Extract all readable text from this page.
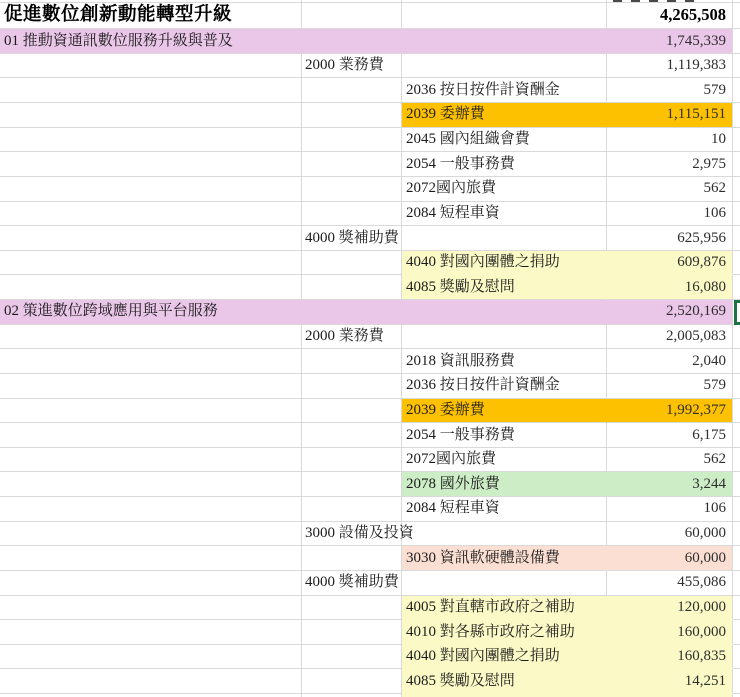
促進數位創新動能轉型升級	4,265,508
01 推動資通訊數位服務升級與普及	1,745,339
2000 業務費	1,119,383
2036 按日按件計資酬金	579
2039 委辦費	1,115,151
2045 國內組織會費	10
2054 一般事務費	2,975
2072國內旅費	562
2084 短程車資	106
4000 獎補助費	625,956
4040 對國內團體之捐助	609,876
4085 獎勵及慰問	16,080
02 策進數位跨域應用與平台服務	2,520,169
2000 業務費	2,005,083
2018 資訊服務費	2,040
2036 按日按件計資酬金	579
2039 委辦費	1,992,377
2054 一般事務費	6,175
2072國內旅費	562
2078 國外旅費	3,244
2084 短程車資	106
3000 設備及投資	60,000
3030 資訊軟硬體設備費	60,000
4000 獎補助費	455,086
4005 對直轄市政府之補助	120,000
4010 對各縣市政府之補助	160,000
4040 對國內團體之捐助	160,835
4085 獎勵及慰問	14,251
